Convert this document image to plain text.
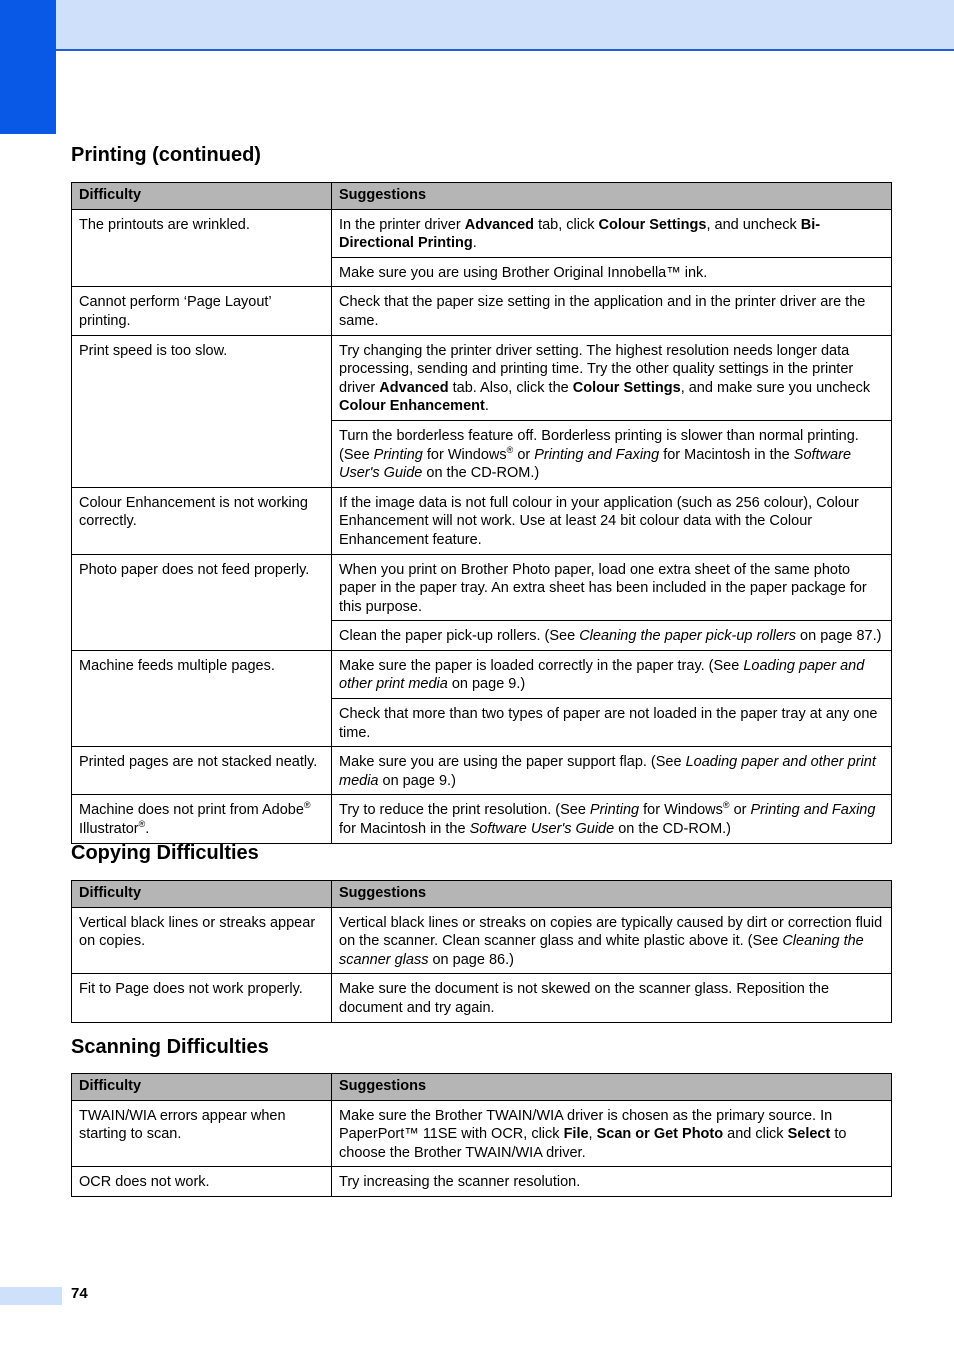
Printing (continued)
Difficulty	Suggestions
The printouts are wrinkled.	In the printer driver Advanced tab, click Colour Settings, and uncheck Bi-Directional Printing.
	Make sure you are using Brother Original Innobella™ ink.
Cannot perform ‘Page Layout’ printing.	Check that the paper size setting in the application and in the printer driver are the same.
Print speed is too slow.	Try changing the printer driver setting. The highest resolution needs longer data processing, sending and printing time. Try the other quality settings in the printer driver Advanced tab. Also, click the Colour Settings, and make sure you uncheck Colour Enhancement.
	Turn the borderless feature off. Borderless printing is slower than normal printing. (See Printing for Windows® or Printing and Faxing for Macintosh in the Software User's Guide on the CD-ROM.)
Colour Enhancement is not working correctly.	If the image data is not full colour in your application (such as 256 colour), Colour Enhancement will not work. Use at least 24 bit colour data with the Colour Enhancement feature.
Photo paper does not feed properly.	When you print on Brother Photo paper, load one extra sheet of the same photo paper in the paper tray. An extra sheet has been included in the paper package for this purpose.
	Clean the paper pick-up rollers. (See Cleaning the paper pick-up rollers on page 87.)
Machine feeds multiple pages.	Make sure the paper is loaded correctly in the paper tray. (See Loading paper and other print media on page 9.)
	Check that more than two types of paper are not loaded in the paper tray at any one time.
Printed pages are not stacked neatly.	Make sure you are using the paper support flap. (See Loading paper and other print media on page 9.)
Machine does not print from Adobe® Illustrator®.	Try to reduce the print resolution. (See Printing for Windows® or Printing and Faxing for Macintosh in the Software User's Guide on the CD-ROM.)
Copying Difficulties
Difficulty	Suggestions
Vertical black lines or streaks appear on copies.	Vertical black lines or streaks on copies are typically caused by dirt or correction fluid on the scanner. Clean scanner glass and white plastic above it. (See Cleaning the scanner glass on page 86.)
Fit to Page does not work properly.	Make sure the document is not skewed on the scanner glass. Reposition the document and try again.
Scanning Difficulties
Difficulty	Suggestions
TWAIN/WIA errors appear when starting to scan.	Make sure the Brother TWAIN/WIA driver is chosen as the primary source. In PaperPort™ 11SE with OCR, click File, Scan or Get Photo and click Select to choose the Brother TWAIN/WIA driver.
OCR does not work.	Try increasing the scanner resolution.
74
